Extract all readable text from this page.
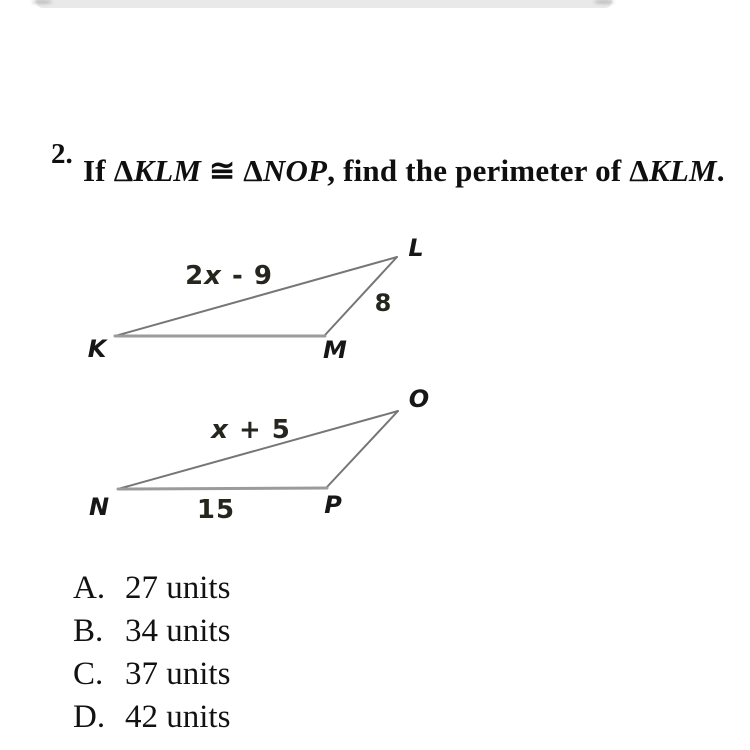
2. If ΔKLM ≅ ΔNOP, find the perimeter of ΔKLM.
2x - 9
8
K
L
M
x + 5
15
N
O
P
A. 27 units
B. 34 units
C. 37 units
D. 42 units
